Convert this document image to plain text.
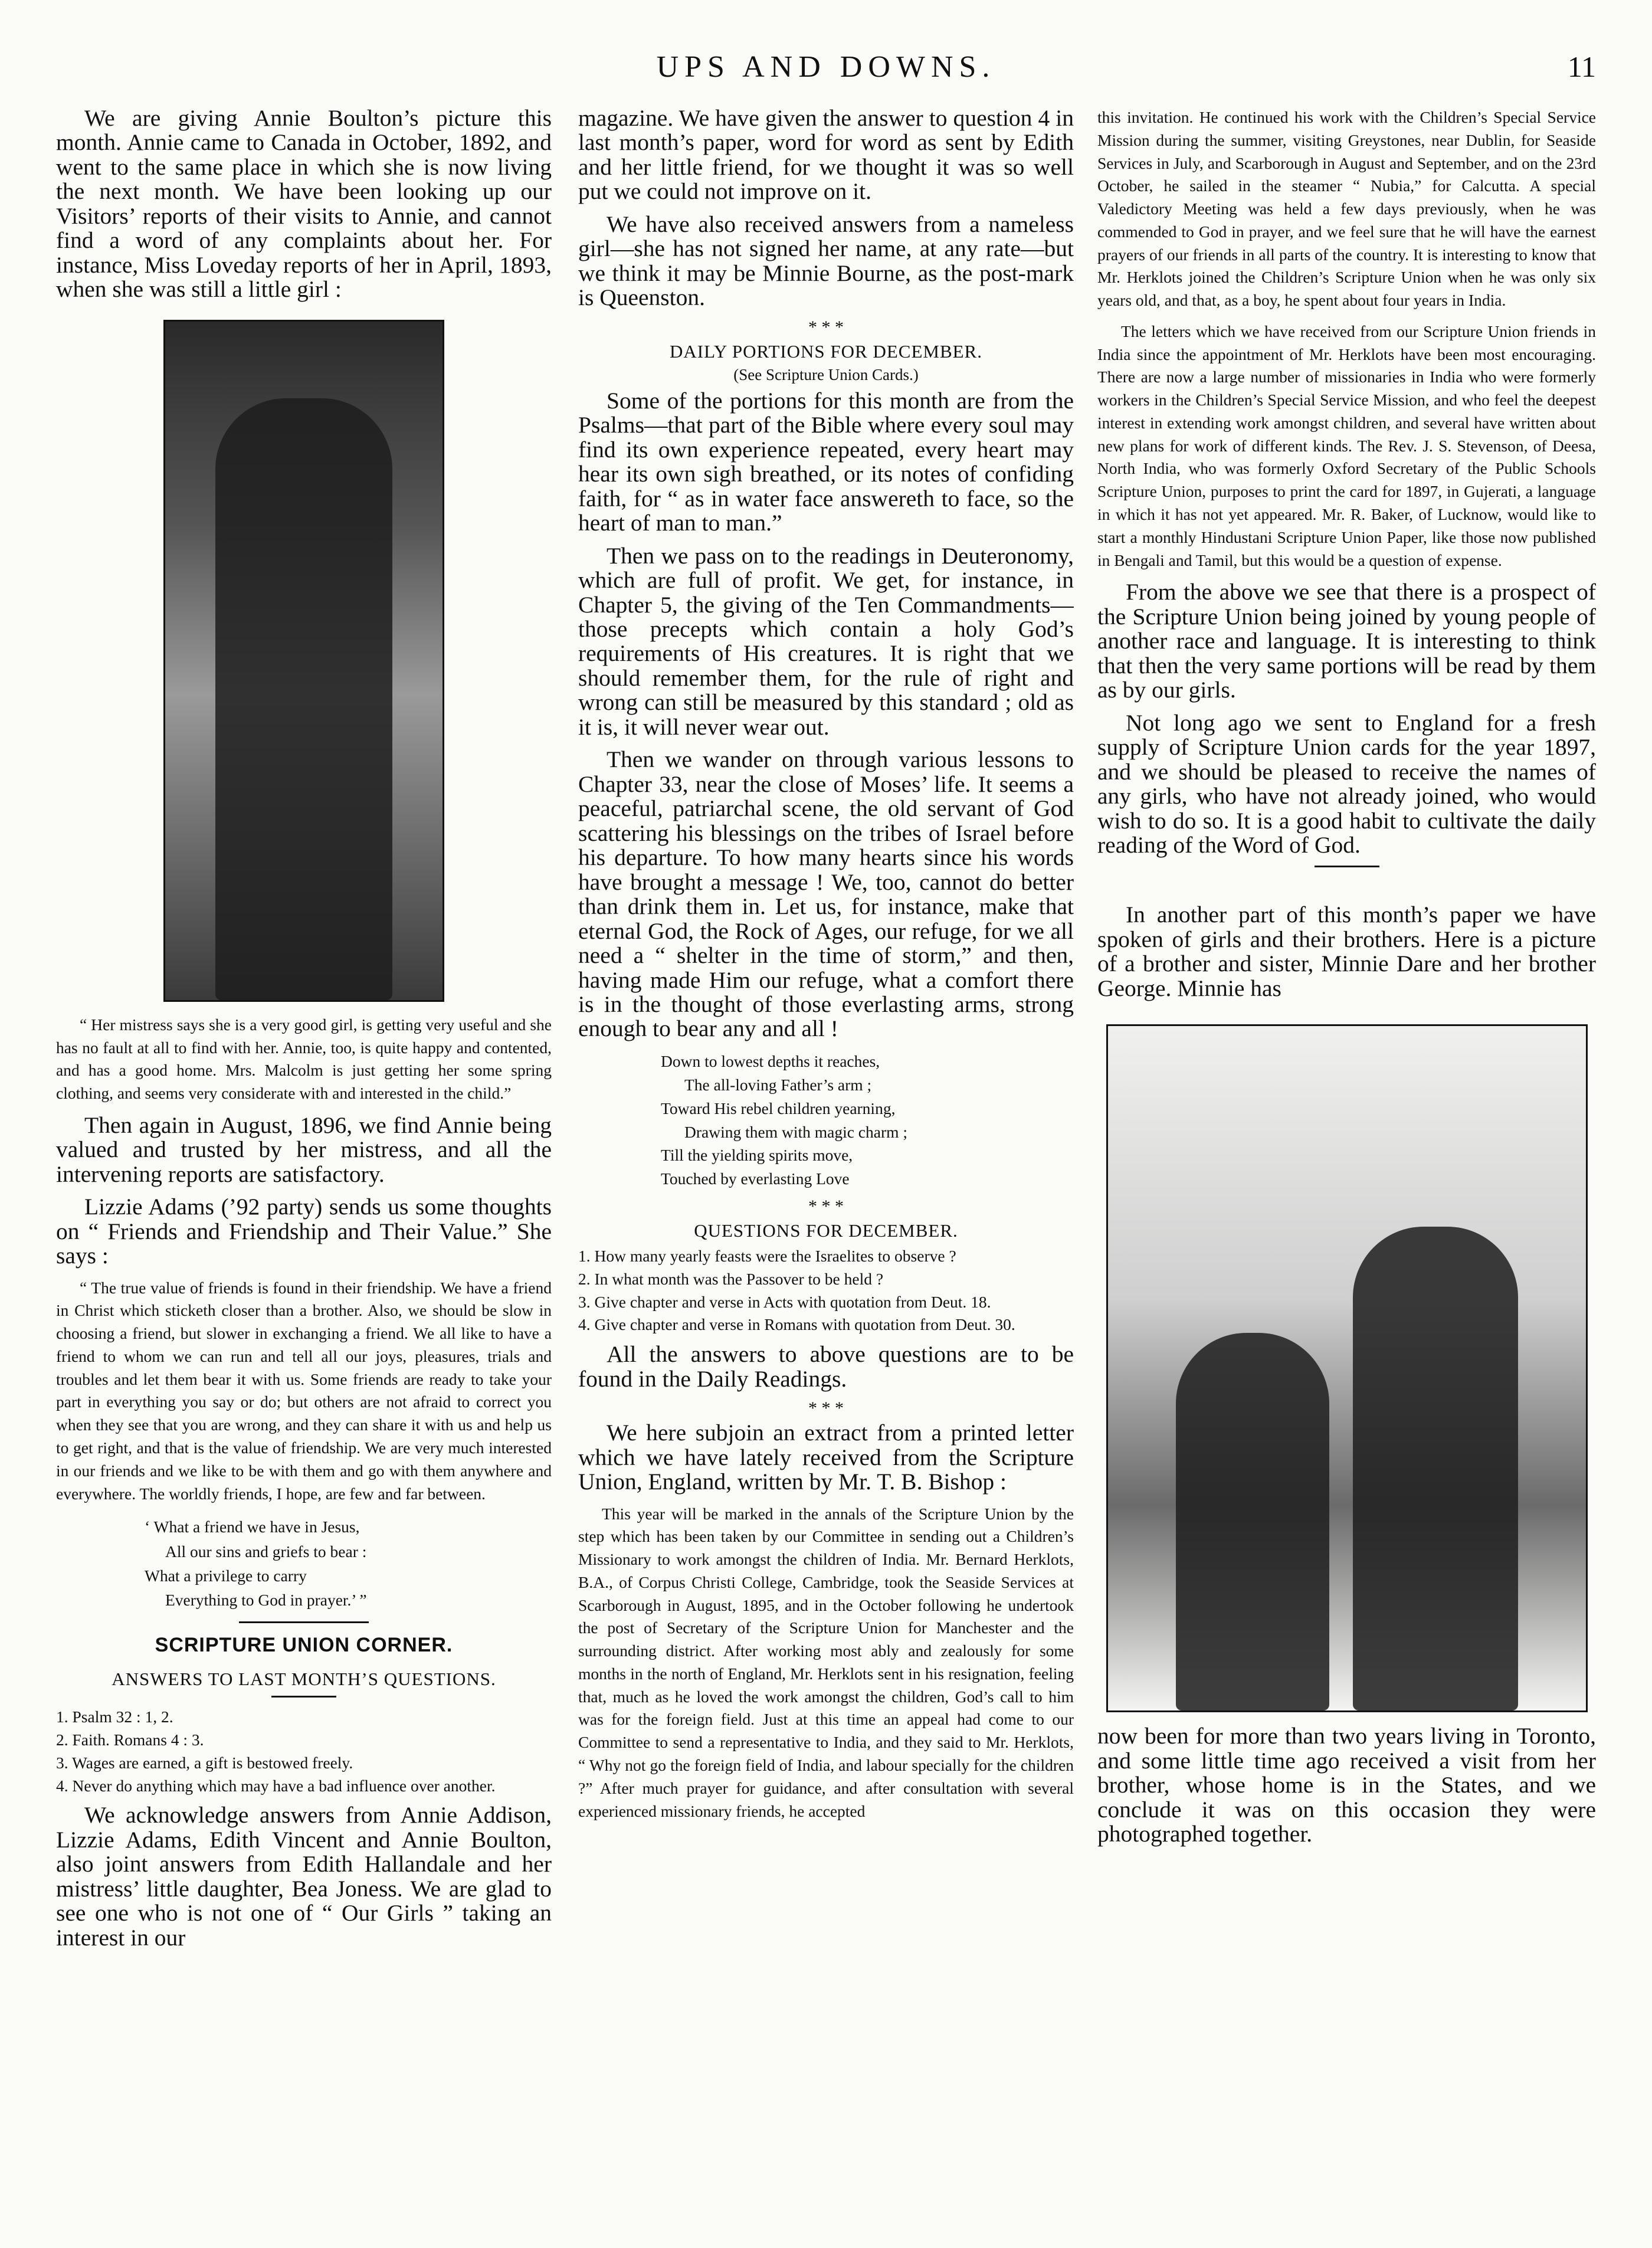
UPS AND DOWNS.	11

We are giving Annie Boulton’s picture this month. Annie came to Canada in October, 1892, and went to the same place in which she is now living the next month. We have been looking up our Visitors’ reports of their visits to Annie, and cannot find a word of any complaints about her. For instance, Miss Loveday reports of her in April, 1893, when she was still a little girl :

“ Her mistress says she is a very good girl, is getting very useful and she has no fault at all to find with her. Annie, too, is quite happy and contented, and has a good home. Mrs. Malcolm is just getting her some spring clothing, and seems very considerate with and interested in the child.”

Then again in August, 1896, we find Annie being valued and trusted by her mistress, and all the intervening reports are satisfactory.

Lizzie Adams (’92 party) sends us some thoughts on “ Friends and Friendship and Their Value.” She says :

“ The true value of friends is found in their friendship. We have a friend in Christ which sticketh closer than a brother. Also, we should be slow in choosing a friend, but slower in exchanging a friend. We all like to have a friend to whom we can run and tell all our joys, pleasures, trials and troubles and let them bear it with us. Some friends are ready to take your part in everything you say or do; but others are not afraid to correct you when they see that you are wrong, and they can share it with us and help us to get right, and that is the value of friendship. We are very much interested in our friends and we like to be with them and go with them anywhere and everywhere. The worldly friends, I hope, are few and far between.

‘ What a friend we have in Jesus,
All our sins and griefs to bear :
What a privilege to carry
Everything to God in prayer.’ ”
SCRIPTURE UNION CORNER.
ANSWERS TO LAST MONTH’S QUESTIONS.
1. Psalm 32 : 1, 2.
2. Faith. Romans 4 : 3.
3. Wages are earned, a gift is bestowed freely.
4. Never do anything which may have a bad influence over another.

We acknowledge answers from Annie Addison, Lizzie Adams, Edith Vincent and Annie Boulton, also joint answers from Edith Hallandale and her mistress’ little daughter, Bea Joness. We are glad to see one who is not one of “ Our Girls ” taking an interest in our

magazine. We have given the answer to question 4 in last month’s paper, word for word as sent by Edith and her little friend, for we thought it was so well put we could not improve on it.

We have also received answers from a nameless girl—she has not signed her name, at any rate—but we think it may be Minnie Bourne, as the post-mark is Queenston.

* * *
DAILY PORTIONS FOR DECEMBER.
(See Scripture Union Cards.)

Some of the portions for this month are from the Psalms—that part of the Bible where every soul may find its own experience repeated, every heart may hear its own sigh breathed, or its notes of confiding faith, for “ as in water face answereth to face, so the heart of man to man.”

Then we pass on to the readings in Deuteronomy, which are full of profit. We get, for instance, in Chapter 5, the giving of the Ten Commandments—those precepts which contain a holy God’s requirements of His creatures. It is right that we should remember them, for the rule of right and wrong can still be measured by this standard ; old as it is, it will never wear out.

Then we wander on through various lessons to Chapter 33, near the close of Moses’ life. It seems a peaceful, patriarchal scene, the old servant of God scattering his blessings on the tribes of Israel before his departure. To how many hearts since his words have brought a message ! We, too, cannot do better than drink them in. Let us, for instance, make that eternal God, the Rock of Ages, our refuge, for we all need a “ shelter in the time of storm,” and then, having made Him our refuge, what a comfort there is in the thought of those everlasting arms, strong enough to bear any and all !

Down to lowest depths it reaches,
The all-loving Father’s arm ;
Toward His rebel children yearning,
Drawing them with magic charm ;
Till the yielding spirits move,
Touched by everlasting Love
* * *
QUESTIONS FOR DECEMBER.
1. How many yearly feasts were the Israelites to observe ?
2. In what month was the Passover to be held ?
3. Give chapter and verse in Acts with quotation from Deut. 18.
4. Give chapter and verse in Romans with quotation from Deut. 30.

All the answers to above questions are to be found in the Daily Readings.

* * *

We here subjoin an extract from a printed letter which we have lately received from the Scripture Union, England, written by Mr. T. B. Bishop :

This year will be marked in the annals of the Scripture Union by the step which has been taken by our Committee in sending out a Children’s Missionary to work amongst the children of India. Mr. Bernard Herklots, B.A., of Corpus Christi College, Cambridge, took the Seaside Services at Scarborough in August, 1895, and in the October following he undertook the post of Secretary of the Scripture Union for Manchester and the surrounding district. After working most ably and zealously for some months in the north of England, Mr. Herklots sent in his resignation, feeling that, much as he loved the work amongst the children, God’s call to him was for the foreign field. Just at this time an appeal had come to our Committee to send a representative to India, and they said to Mr. Herklots, “ Why not go the foreign field of India, and labour specially for the children ?” After much prayer for guidance, and after consultation with several experienced missionary friends, he accepted

this invitation. He continued his work with the Children’s Special Service Mission during the summer, visiting Greystones, near Dublin, for Seaside Services in July, and Scarborough in August and September, and on the 23rd October, he sailed in the steamer “ Nubia,” for Calcutta. A special Valedictory Meeting was held a few days previously, when he was commended to God in prayer, and we feel sure that he will have the earnest prayers of our friends in all parts of the country. It is interesting to know that Mr. Herklots joined the Children’s Scripture Union when he was only six years old, and that, as a boy, he spent about four years in India.

The letters which we have received from our Scripture Union friends in India since the appointment of Mr. Herklots have been most encouraging. There are now a large number of missionaries in India who were formerly workers in the Children’s Special Service Mission, and who feel the deepest interest in extending work amongst children, and several have written about new plans for work of different kinds. The Rev. J. S. Stevenson, of Deesa, North India, who was formerly Oxford Secretary of the Public Schools Scripture Union, purposes to print the card for 1897, in Gujerati, a language in which it has not yet appeared. Mr. R. Baker, of Lucknow, would like to start a monthly Hindustani Scripture Union Paper, like those now published in Bengali and Tamil, but this would be a question of expense.

From the above we see that there is a prospect of the Scripture Union being joined by young people of another race and language. It is interesting to think that then the very same portions will be read by them as by our girls.

Not long ago we sent to England for a fresh supply of Scripture Union cards for the year 1897, and we should be pleased to receive the names of any girls, who have not already joined, who would wish to do so. It is a good habit to cultivate the daily reading of the Word of God.

In another part of this month’s paper we have spoken of girls and their brothers. Here is a picture of a brother and sister, Minnie Dare and her brother George. Minnie has

now been for more than two years living in Toronto, and some little time ago received a visit from her brother, whose home is in the States, and we conclude it was on this occasion they were photographed together.
